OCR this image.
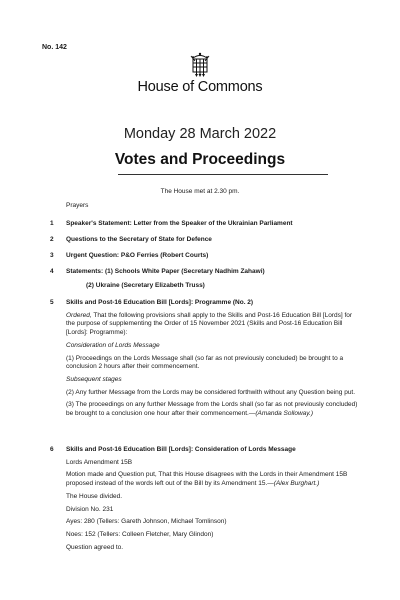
No. 142
House of Commons
Monday 28 March 2022
Votes and Proceedings
The House met at 2.30 pm.
Prayers
1 Speaker's Statement: Letter from the Speaker of the Ukrainian Parliament
2 Questions to the Secretary of State for Defence
3 Urgent Question: P&O Ferries (Robert Courts)
4 Statements: (1) Schools White Paper (Secretary Nadhim Zahawi)
(2) Ukraine (Secretary Elizabeth Truss)
5 Skills and Post-16 Education Bill [Lords]: Programme (No. 2)

Ordered, That the following provisions shall apply to the Skills and Post-16 Education Bill [Lords] for the purpose of supplementing the Order of 15 November 2021 (Skills and Post-16 Education Bill [Lords]: Programme):

Consideration of Lords Message

(1) Proceedings on the Lords Message shall (so far as not previously concluded) be brought to a conclusion 2 hours after their commencement.

Subsequent stages

(2) Any further Message from the Lords may be considered forthwith without any Question being put.

(3) The proceedings on any further Message from the Lords shall (so far as not previously concluded) be brought to a conclusion one hour after their commencement.—(Amanda Solloway.)

6 Skills and Post-16 Education Bill [Lords]: Consideration of Lords Message

Lords Amendment 15B

Motion made and Question put, That this House disagrees with the Lords in their Amendment 15B proposed instead of the words left out of the Bill by its Amendment 15.—(Alex Burghart.)

The House divided.

Division No. 231

Ayes: 280 (Tellers: Gareth Johnson, Michael Tomlinson)

Noes: 152 (Tellers: Colleen Fletcher, Mary Glindon)

Question agreed to.
